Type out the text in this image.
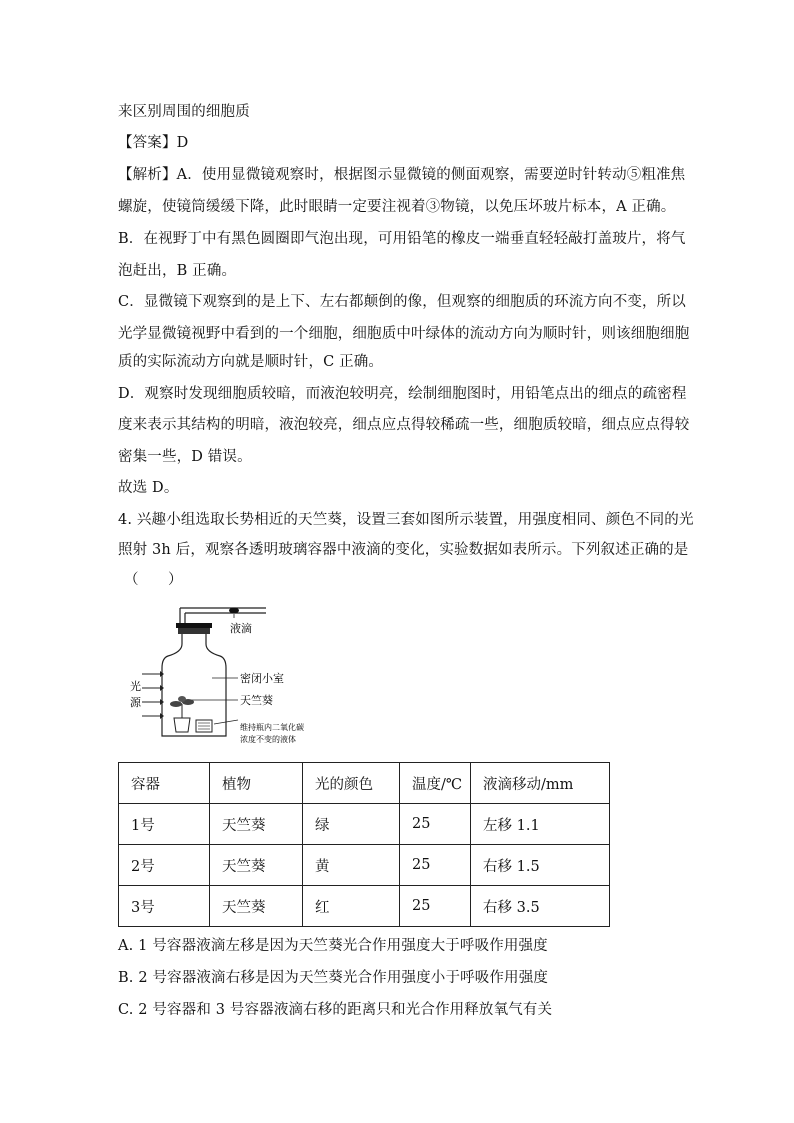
来区别周围的细胞质
【答案】D
【解析】A．使用显微镜观察时，根据图示显微镜的侧面观察，需要逆时针转动⑤粗准焦
螺旋，使镜筒缓缓下降，此时眼睛一定要注视着③物镜，以免压坏玻片标本，A 正确。
B．在视野丁中有黑色圆圈即气泡出现，可用铅笔的橡皮一端垂直轻轻敲打盖玻片，将气
泡赶出，B 正确。
C．显微镜下观察到的是上下、左右都颠倒的像，但观察的细胞质的环流方向不变，所以
光学显微镜视野中看到的一个细胞，细胞质中叶绿体的流动方向为顺时针，则该细胞细胞
质的实际流动方向就是顺时针，C 正确。
D．观察时发现细胞质较暗，而液泡较明亮，绘制细胞图时，用铅笔点出的细点的疏密程
度来表示其结构的明暗，液泡较亮，细点应点得较稀疏一些，细胞质较暗，细点应点得较
密集一些，D 错误。
故选 D。
4. 兴趣小组选取长势相近的天竺葵，设置三套如图所示装置，用强度相同、颜色不同的光
照射 3h 后，观察各透明玻璃容器中液滴的变化，实验数据如表所示。下列叙述正确的是
（　　）
液滴
密闭小室
天竺葵
维持瓶内二氧化碳
浓度不变的液体
光
源
容器	植物	光的颜色	温度/℃	液滴移动/mm
1号	天竺葵	绿	25	左移 1.1
2号	天竺葵	黄	25	右移 1.5
3号	天竺葵	红	25	右移 3.5
A. 1 号容器液滴左移是因为天竺葵光合作用强度大于呼吸作用强度
B. 2 号容器液滴右移是因为天竺葵光合作用强度小于呼吸作用强度
C. 2 号容器和 3 号容器液滴右移的距离只和光合作用释放氧气有关
